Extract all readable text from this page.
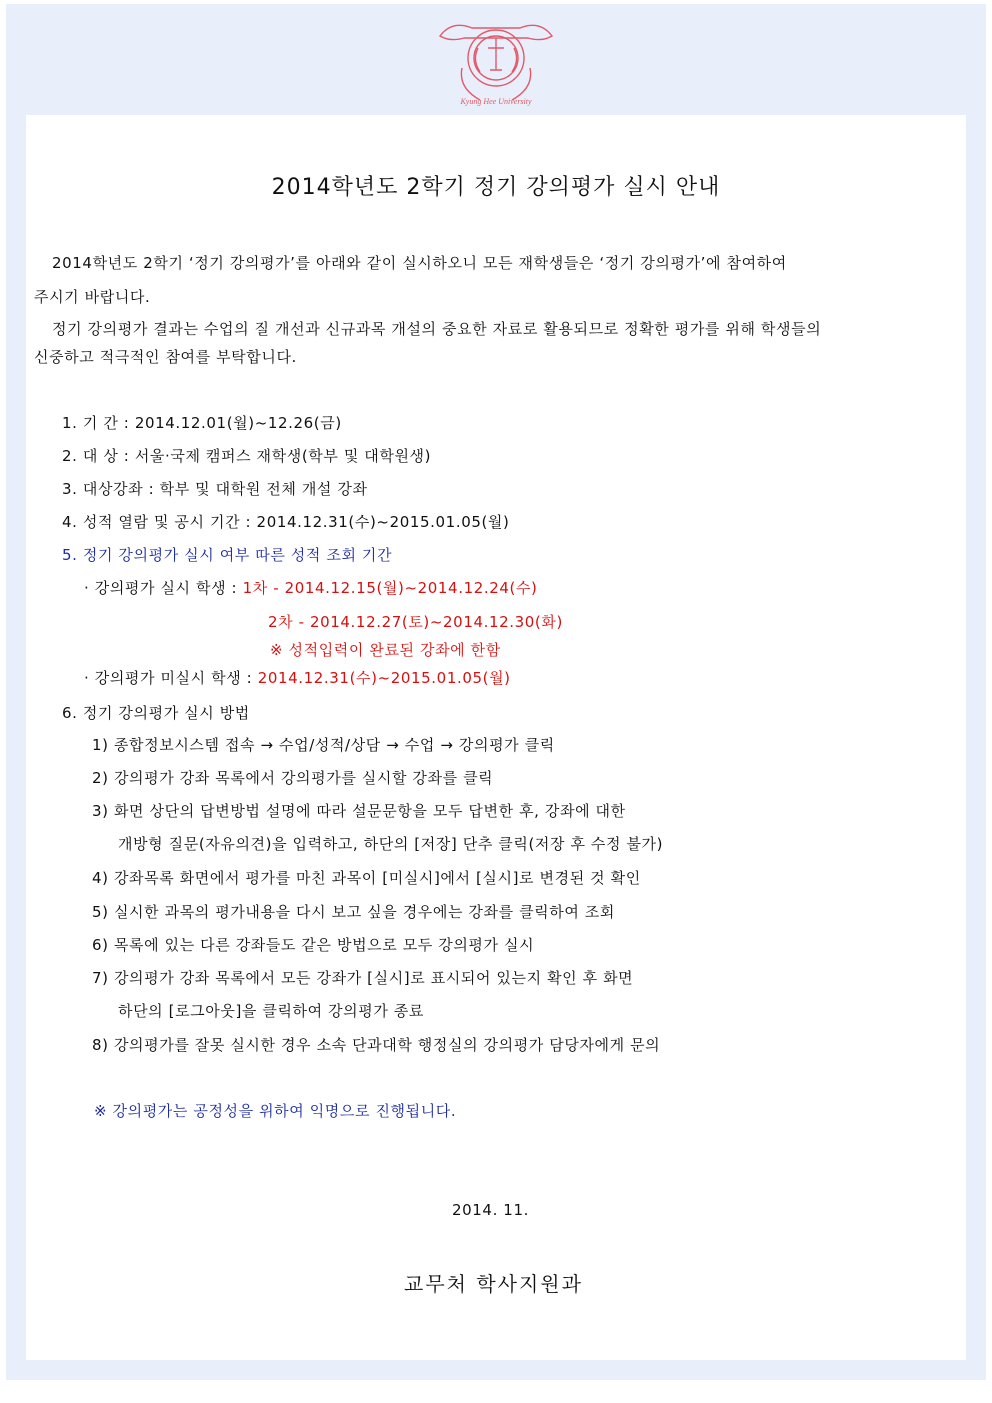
Kyung Hee University
2014학년도 2학기 정기 강의평가 실시 안내
2014학년도 2학기 ‘정기 강의평가’를 아래와 같이 실시하오니 모든 재학생들은 ‘정기 강의평가’에 참여하여
주시기 바랍니다.
정기 강의평가 결과는 수업의 질 개선과 신규과목 개설의 중요한 자료로 활용되므로 정확한 평가를 위해 학생들의
신중하고 적극적인 참여를 부탁합니다.
1. 기 간 : 2014.12.01(월)~12.26(금)
2. 대 상 : 서울·국제 캠퍼스 재학생(학부 및 대학원생)
3. 대상강좌 : 학부 및 대학원 전체 개설 강좌
4. 성적 열람 및 공시 기간 : 2014.12.31(수)~2015.01.05(월)
5. 정기 강의평가 실시 여부 따른 성적 조회 기간
· 강의평가 실시 학생 : 1차 - 2014.12.15(월)~2014.12.24(수)
2차 - 2014.12.27(토)~2014.12.30(화)
※ 성적입력이 완료된 강좌에 한함
· 강의평가 미실시 학생 : 2014.12.31(수)~2015.01.05(월)
6. 정기 강의평가 실시 방법
1) 종합정보시스템 접속 → 수업/성적/상담 → 수업 → 강의평가 클릭
2) 강의평가 강좌 목록에서 강의평가를 실시할 강좌를 클릭
3) 화면 상단의 답변방법 설명에 따라 설문문항을 모두 답변한 후, 강좌에 대한
개방형 질문(자유의견)을 입력하고, 하단의 [저장] 단추 클릭(저장 후 수정 불가)
4) 강좌목록 화면에서 평가를 마친 과목이 [미실시]에서 [실시]로 변경된 것 확인
5) 실시한 과목의 평가내용을 다시 보고 싶을 경우에는 강좌를 클릭하여 조회
6) 목록에 있는 다른 강좌들도 같은 방법으로 모두 강의평가 실시
7) 강의평가 강좌 목록에서 모든 강좌가 [실시]로 표시되어 있는지 확인 후 화면
하단의 [로그아웃]을 클릭하여 강의평가 종료
8) 강의평가를 잘못 실시한 경우 소속 단과대학 행정실의 강의평가 담당자에게 문의
※ 강의평가는 공정성을 위하여 익명으로 진행됩니다.
2014. 11.
교무처 학사지원과
